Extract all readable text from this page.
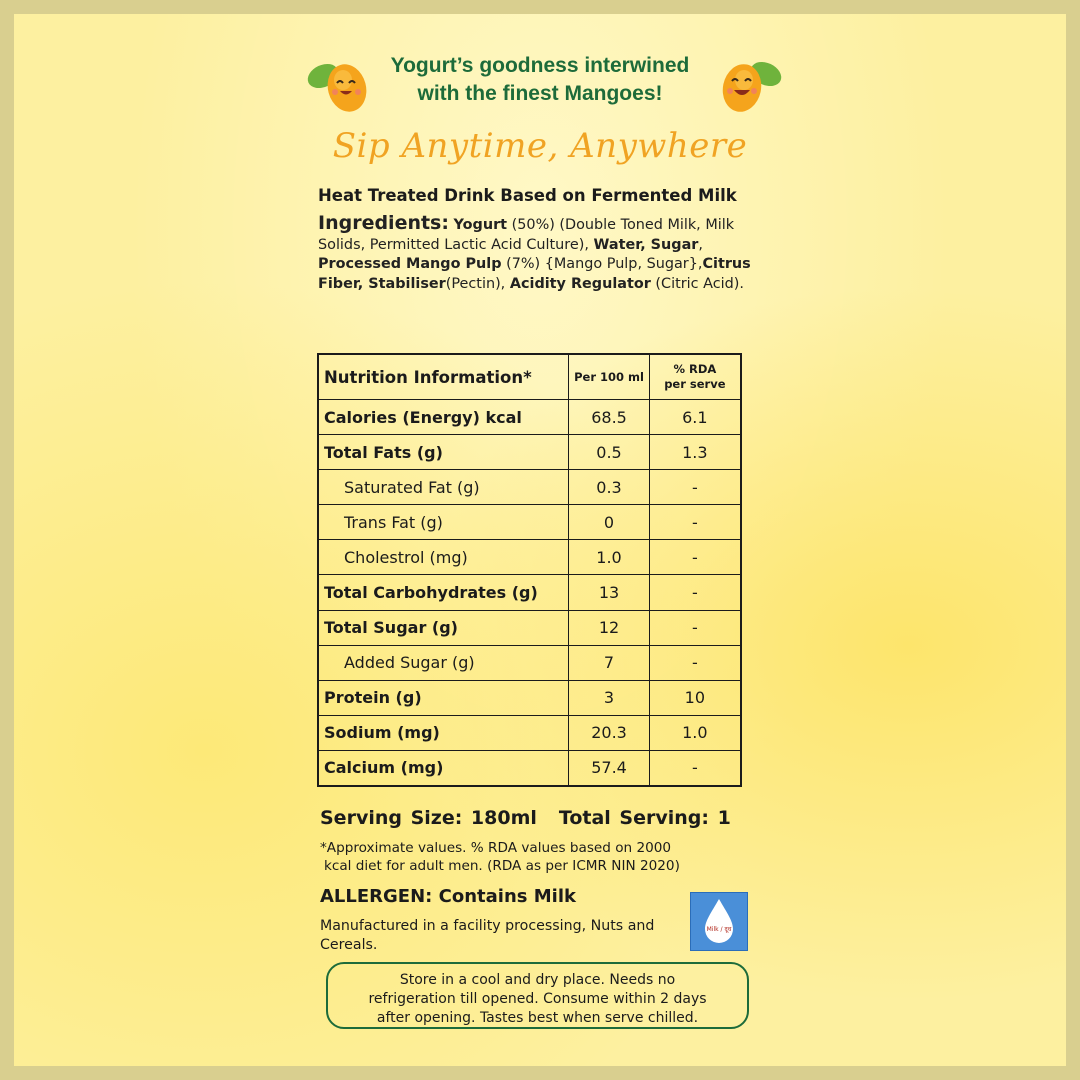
Yogurt’s goodness interwined
with the finest Mangoes!
Sip Anytime, Anywhere
Heat Treated Drink Based on Fermented Milk
Ingredients: Yogurt (50%) (Double Toned Milk, Milk Solids, Permitted Lactic Acid Culture), Water, Sugar, Processed Mango Pulp (7%) {Mango Pulp, Sugar},Citrus Fiber, Stabiliser(Pectin), Acidity Regulator (Citric Acid).
Nutrition Information*	Per 100 ml	% RDA
per serve
Calories (Energy) kcal	68.5	6.1
Total Fats (g)	0.5	1.3
Saturated Fat (g)	0.3	-
Trans Fat (g)	0	-
Cholestrol (mg)	1.0	-
Total Carbohydrates (g)	13	-
Total Sugar (g)	12	-
Added Sugar (g)	7	-
Protein (g)	3	10
Sodium (mg)	20.3	1.0
Calcium (mg)	57.4	-
Serving Size: 180ml Total Serving: 1
*Approximate values. % RDA values based on 2000
kcal diet for adult men. (RDA as per ICMR NIN 2020)
ALLERGEN: Contains Milk
Manufactured in a facility processing, Nuts and Cereals.
Milk / दूध
Store in a cool and dry place. Needs no
refrigeration till opened. Consume within 2 days
after opening. Tastes best when serve chilled.
